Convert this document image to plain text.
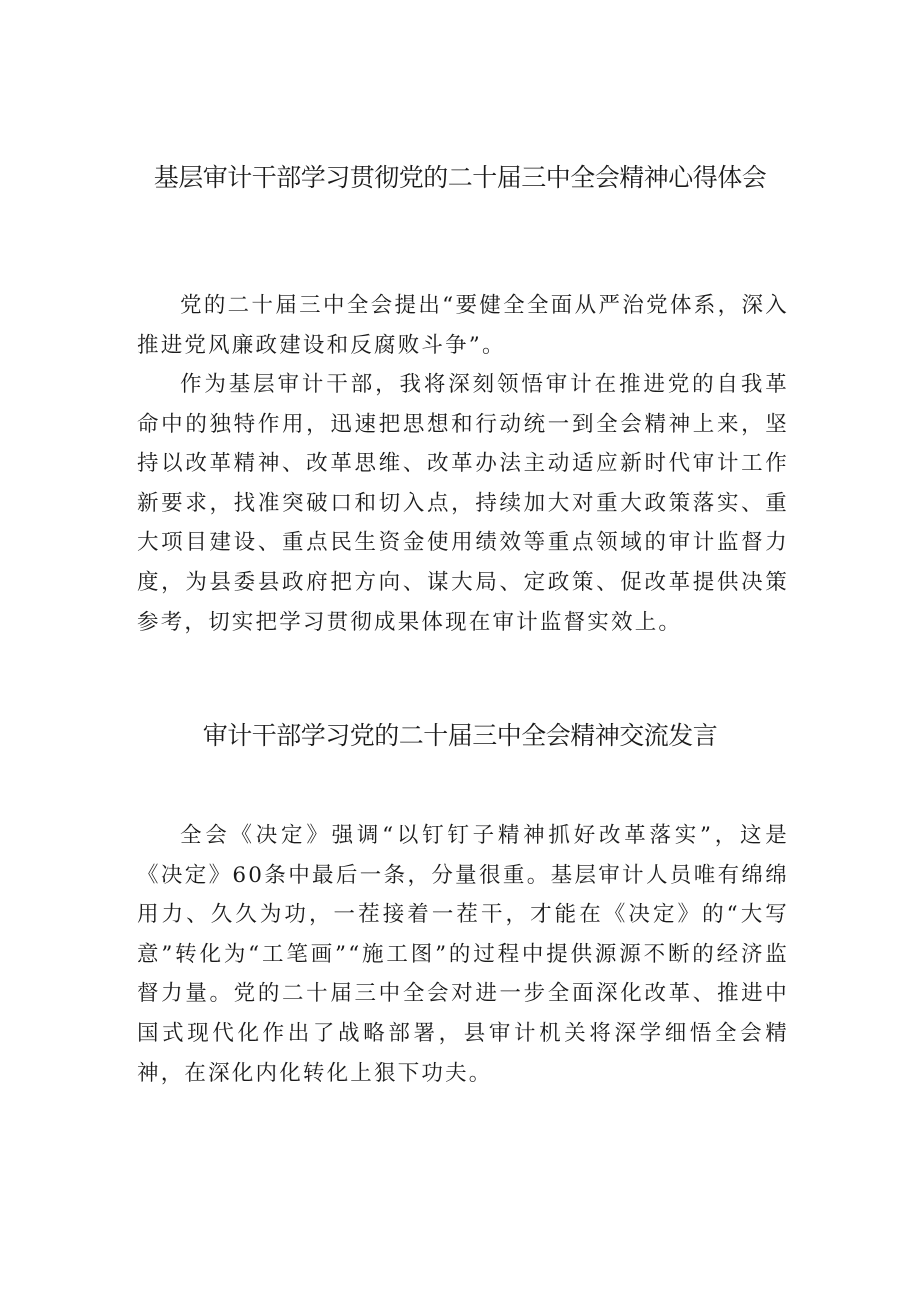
基层审计干部学习贯彻党的二十届三中全会精神心得体会

党的二十届三中全会提出“要健全全面从严治党体系，深入推进党风廉政建设和反腐败斗争”。

作为基层审计干部，我将深刻领悟审计在推进党的自我革命中的独特作用，迅速把思想和行动统一到全会精神上来，坚持以改革精神、改革思维、改革办法主动适应新时代审计工作新要求，找准突破口和切入点，持续加大对重大政策落实、重大项目建设、重点民生资金使用绩效等重点领域的审计监督力度，为县委县政府把方向、谋大局、定政策、促改革提供决策参考，切实把学习贯彻成果体现在审计监督实效上。

审计干部学习党的二十届三中全会精神交流发言

全会《决定》强调“以钉钉子精神抓好改革落实”，这是《决定》60条中最后一条，分量很重。基层审计人员唯有绵绵用力、久久为功，一茬接着一茬干，才能在《决定》的“大写意”转化为“工笔画”“施工图”的过程中提供源源不断的经济监督力量。党的二十届三中全会对进一步全面深化改革、推进中国式现代化作出了战略部署，县审计机关将深学细悟全会精神，在深化内化转化上狠下功夫。
